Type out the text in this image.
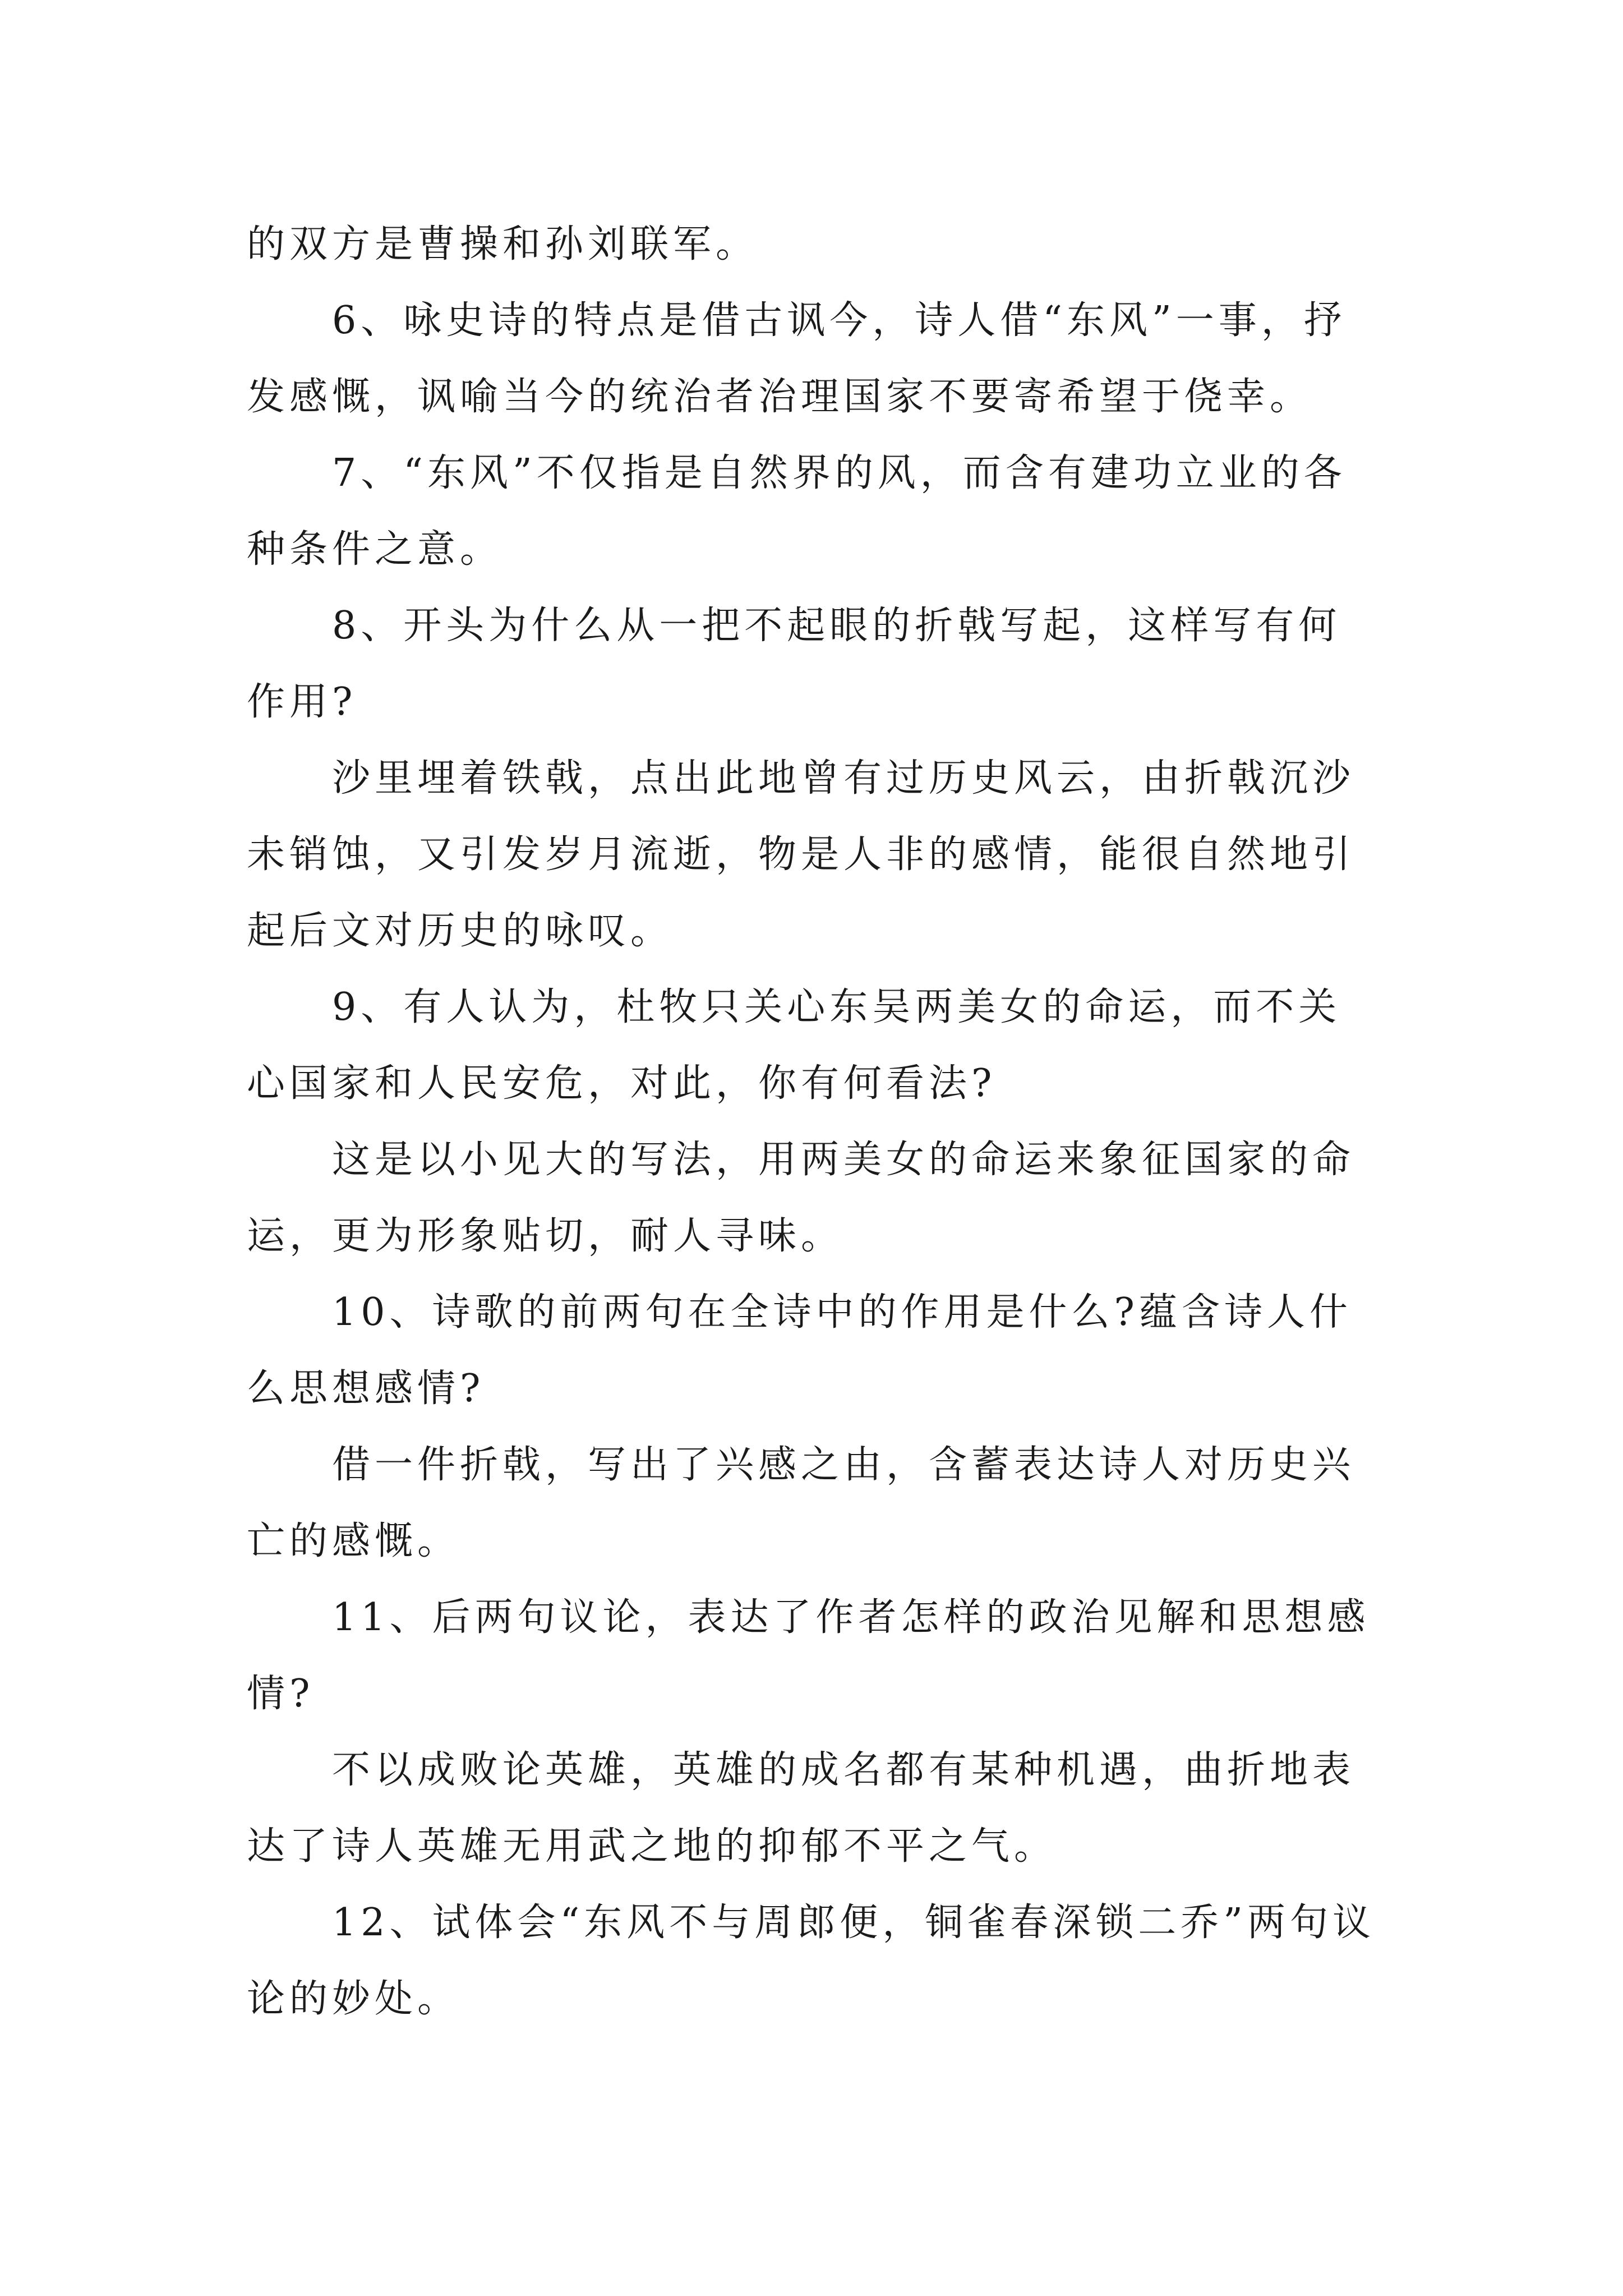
的双方是曹操和孙刘联军。

6、咏史诗的特点是借古讽今，诗人借“东风”一事，抒发感慨，讽喻当今的统治者治理国家不要寄希望于侥幸。

7、“东风”不仅指是自然界的风，而含有建功立业的各种条件之意。

8、开头为什么从一把不起眼的折戟写起，这样写有何作用?

沙里埋着铁戟，点出此地曾有过历史风云，由折戟沉沙未销蚀，又引发岁月流逝，物是人非的感情，能很自然地引起后文对历史的咏叹。

9、有人认为，杜牧只关心东吴两美女的命运，而不关心国家和人民安危，对此，你有何看法?

这是以小见大的写法，用两美女的命运来象征国家的命运，更为形象贴切，耐人寻味。

10、诗歌的前两句在全诗中的作用是什么?蕴含诗人什么思想感情?

借一件折戟，写出了兴感之由，含蓄表达诗人对历史兴亡的感慨。

11、后两句议论，表达了作者怎样的政治见解和思想感情?

不以成败论英雄，英雄的成名都有某种机遇，曲折地表达了诗人英雄无用武之地的抑郁不平之气。

12、试体会“东风不与周郎便，铜雀春深锁二乔”两句议论的妙处。
